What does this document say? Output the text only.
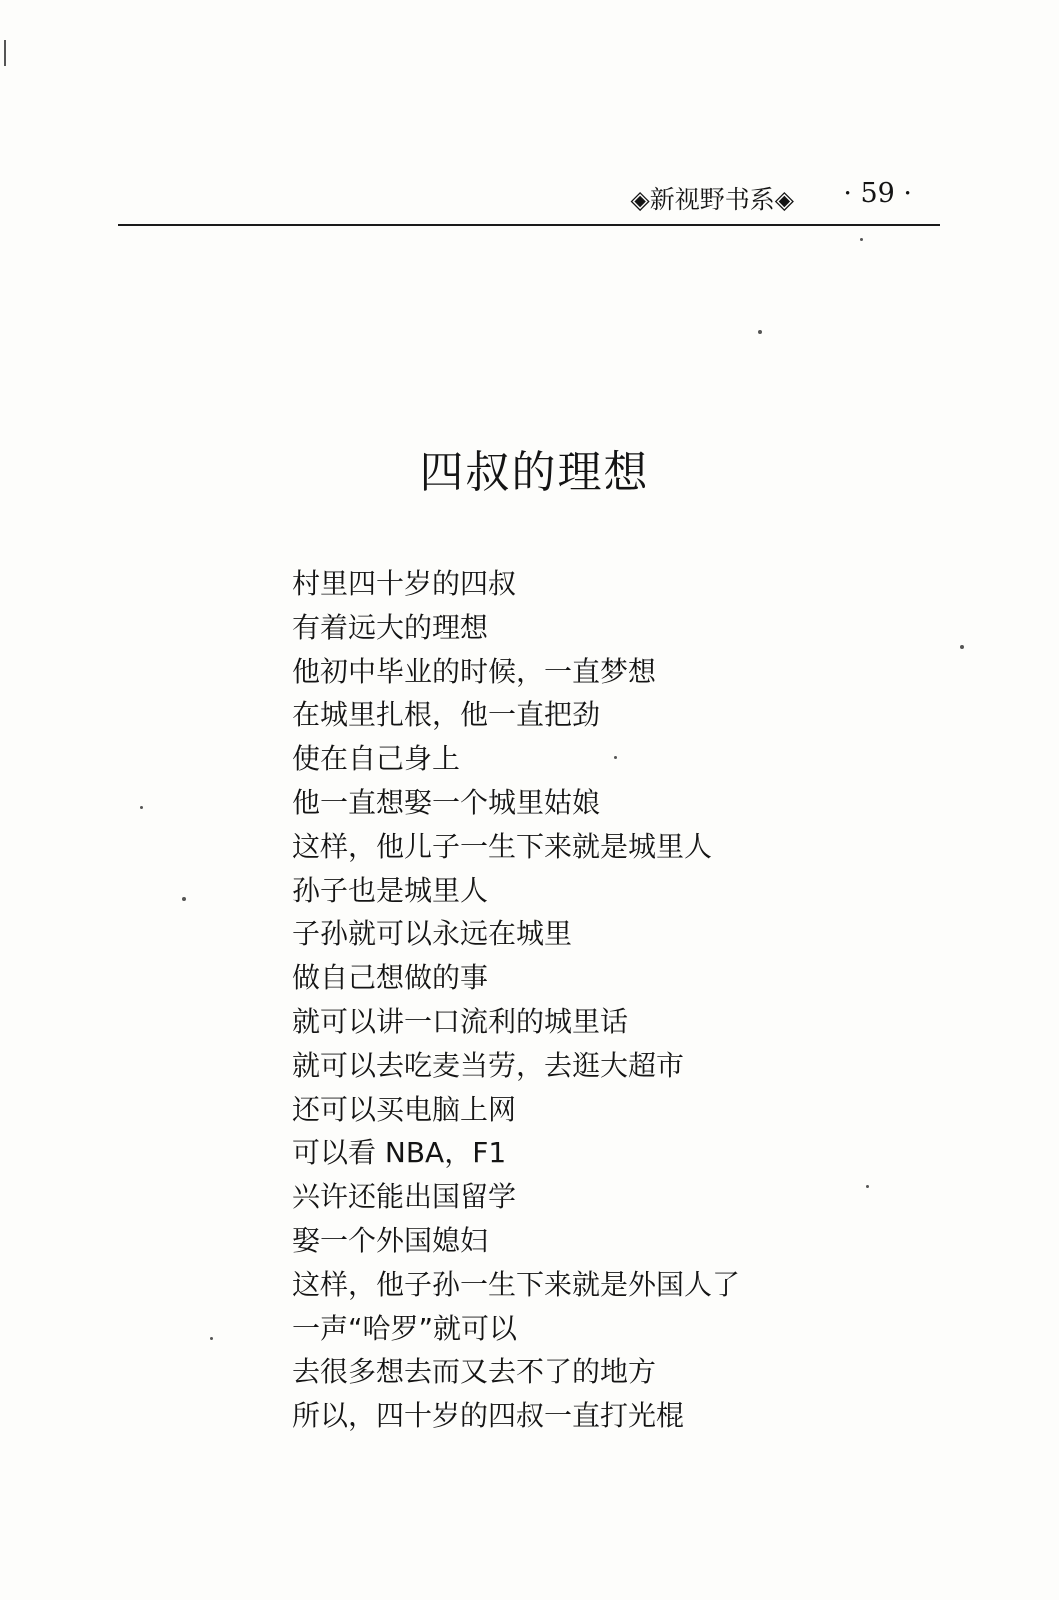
◈新视野书系◈ · 59 ·
四叔的理想
村里四十岁的四叔
有着远大的理想
他初中毕业的时候，一直梦想
在城里扎根，他一直把劲
使在自己身上
他一直想娶一个城里姑娘
这样，他儿子一生下来就是城里人
孙子也是城里人
子孙就可以永远在城里
做自己想做的事
就可以讲一口流利的城里话
就可以去吃麦当劳，去逛大超市
还可以买电脑上网
可以看 NBA，F1
兴许还能出国留学
娶一个外国媳妇
这样，他子孙一生下来就是外国人了
一声“哈罗”就可以
去很多想去而又去不了的地方
所以，四十岁的四叔一直打光棍
